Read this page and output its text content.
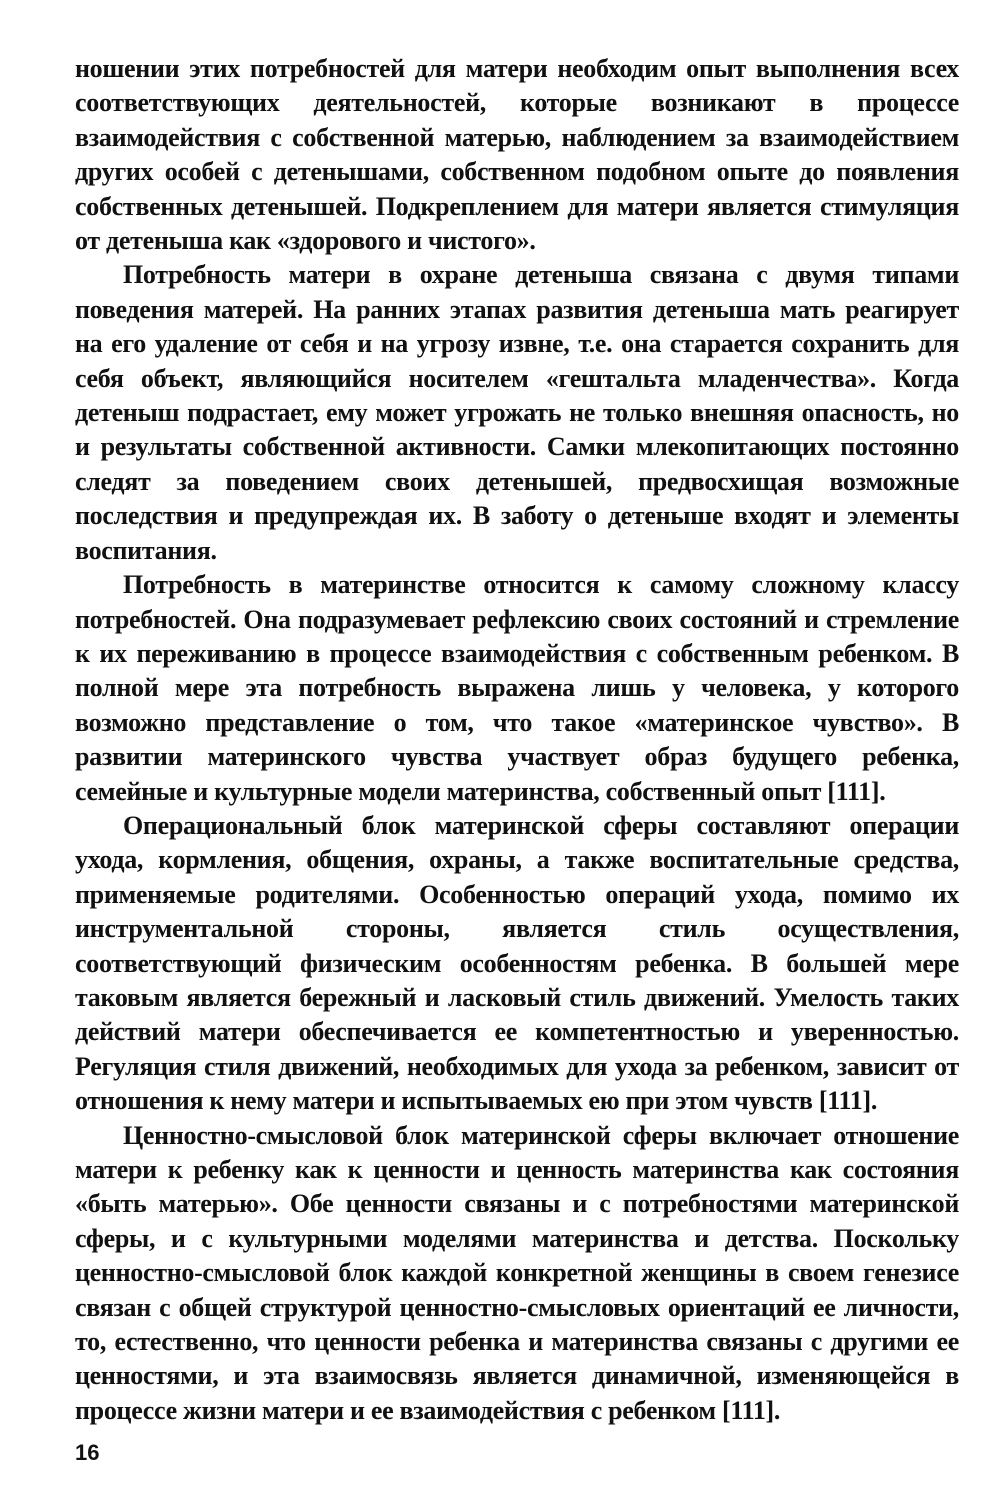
ношении этих потребностей для матери необходим опыт выполнения всех соответствующих деятельностей, которые возникают в процессе взаимодействия с собственной матерью, наблюдением за взаимодействием других особей с детенышами, собственном подобном опыте до появления собственных детенышей. Подкреплением для матери является стимуляция от детеныша как «здорового и чистого».

Потребность матери в охране детеныша связана с двумя типами поведения матерей. На ранних этапах развития детеныша мать реагирует на его удаление от себя и на угрозу извне, т.е. она старается сохранить для себя объект, являющийся носителем «гештальта младенчества». Когда детеныш подрастает, ему может угрожать не только внешняя опасность, но и результаты собственной активности. Самки млекопитающих постоянно следят за поведением своих детенышей, предвосхищая возможные последствия и предупреждая их. В заботу о детеныше входят и элементы воспитания.

Потребность в материнстве относится к самому сложному классу потребностей. Она подразумевает рефлексию своих состояний и стремление к их переживанию в процессе взаимодействия с собственным ребенком. В полной мере эта потребность выражена лишь у человека, у которого возможно представление о том, что такое «материнское чувство». В развитии материнского чувства участвует образ будущего ребенка, семейные и культурные модели материнства, собственный опыт [111].

Операциональный блок материнской сферы составляют операции ухода, кормления, общения, охраны, а также воспитательные средства, применяемые родителями. Особенностью операций ухода, помимо их инструментальной стороны, является стиль осуществления, соответствующий физическим особенностям ребенка. В большей мере таковым является бережный и ласковый стиль движений. Умелость таких действий матери обеспечивается ее компетентностью и уверенностью. Регуляция стиля движений, необходимых для ухода за ребенком, зависит от отношения к нему матери и испытываемых ею при этом чувств [111].

Ценностно-смысловой блок материнской сферы включает отношение матери к ребенку как к ценности и ценность материнства как состояния «быть матерью». Обе ценности связаны и с потребностями материнской сферы, и с культурными моделями материнства и детства. Поскольку ценностно-смысловой блок каждой конкретной женщины в своем генезисе связан с общей структурой ценностно-смысловых ориентаций ее личности, то, естественно, что ценности ребенка и материнства связаны с другими ее ценностями, и эта взаимосвязь является динамичной, изменяющейся в процессе жизни матери и ее взаимодействия с ребенком [111].

16
